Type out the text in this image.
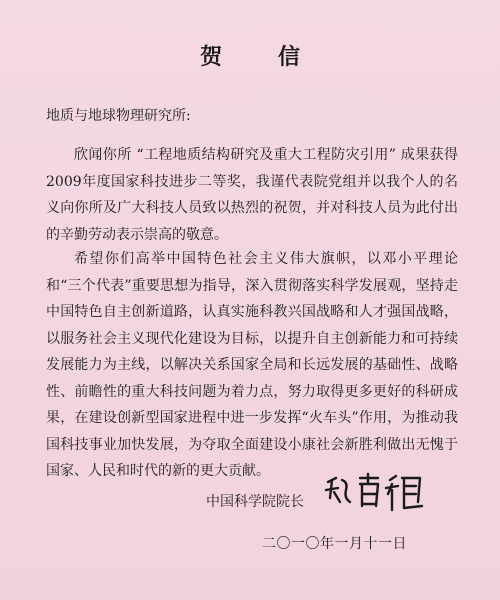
贺 信
地质与地球物理研究所:

欣闻你所 “工程地质结构研究及重大工程防灾引用” 成果获得2009年度国家科技进步二等奖，我谨代表院党组并以我个人的名义向你所及广大科技人员致以热烈的祝贺，并对科技人员为此付出的辛勤劳动表示崇高的敬意。

希望你们高举中国特色社会主义伟大旗帜，以邓小平理论和“三个代表”重要思想为指导，深入贯彻落实科学发展观，坚持走中国特色自主创新道路，认真实施科教兴国战略和人才强国战略，以服务社会主义现代化建设为目标，以提升自主创新能力和可持续发展能力为主线，以解决关系国家全局和长远发展的基础性、战略性、前瞻性的重大科技问题为着力点，努力取得更多更好的科研成果，在建设创新型国家进程中进一步发挥“火车头”作用，为推动我国科技事业加快发展，为夺取全面建设小康社会新胜利做出无愧于国家、人民和时代的新的更大贡献。

中国科学院院长
二〇一〇年一月十一日
